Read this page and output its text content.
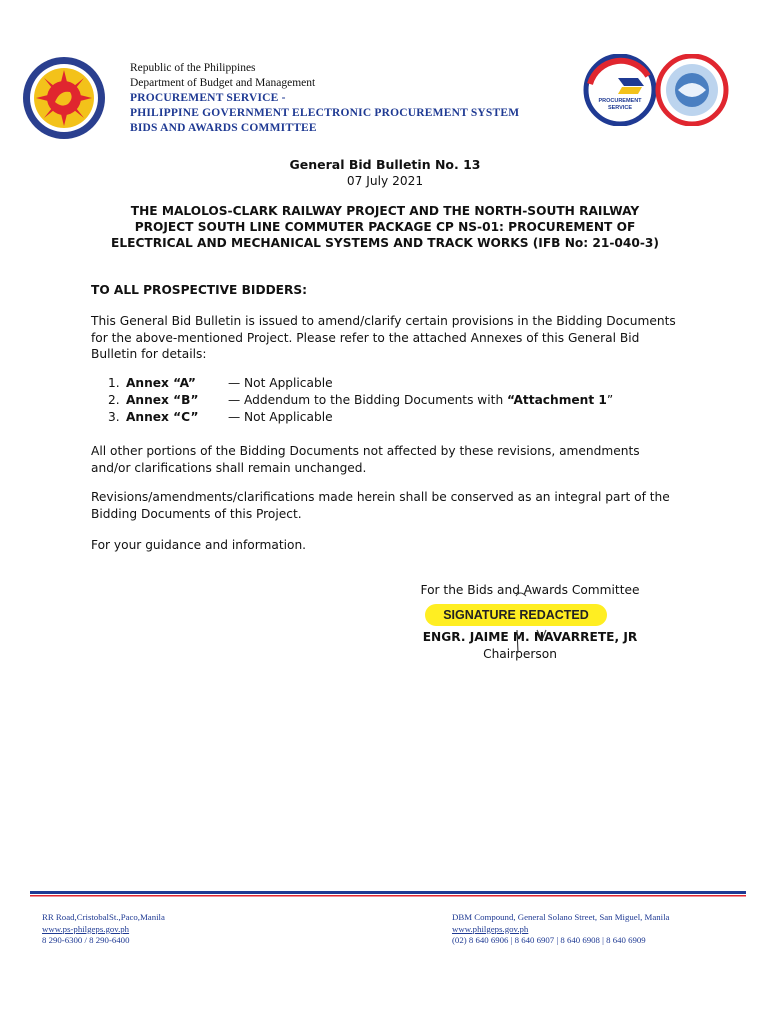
Republic of the Philippines
Department of Budget and Management
PROCUREMENT SERVICE -
PHILIPPINE GOVERNMENT ELECTRONIC PROCUREMENT SYSTEM
BIDS AND AWARDS COMMITTEE
PROCUREMENT
SERVICE
General Bid Bulletin No. 13
07 July 2021
THE MALOLOS-CLARK RAILWAY PROJECT AND THE NORTH-SOUTH RAILWAY
PROJECT SOUTH LINE COMMUTER PACKAGE CP NS-01: PROCUREMENT OF
ELECTRICAL AND MECHANICAL SYSTEMS AND TRACK WORKS (IFB No: 21-040-3)
TO ALL PROSPECTIVE BIDDERS:
This General Bid Bulletin is issued to amend/clarify certain provisions in the Bidding Documents
for the above-mentioned Project. Please refer to the attached Annexes of this General Bid
Bulletin for details:
1. Annex “A”	— Not Applicable
2. Annex “B”	— Addendum to the Bidding Documents with “Attachment 1”
3. Annex “C”	— Not Applicable
All other portions of the Bidding Documents not affected by these revisions, amendments
and/or clarifications shall remain unchanged.
Revisions/amendments/clarifications made herein shall be conserved as an integral part of the
Bidding Documents of this Project.
For your guidance and information.
For the Bids and Awards Committee
SIGNATURE REDACTED
ENGR. JAIME M. NAVARRETE, JR
Chairperson
RR Road,CristobalSt.,Paco,Manila
www.ps-philgeps.gov.ph
8 290-6300 / 8 290-6400
DBM Compound, General Solano Street, San Miguel, Manila
www.philgeps.gov.ph
(02) 8 640 6906 | 8 640 6907 | 8 640 6908 | 8 640 6909
